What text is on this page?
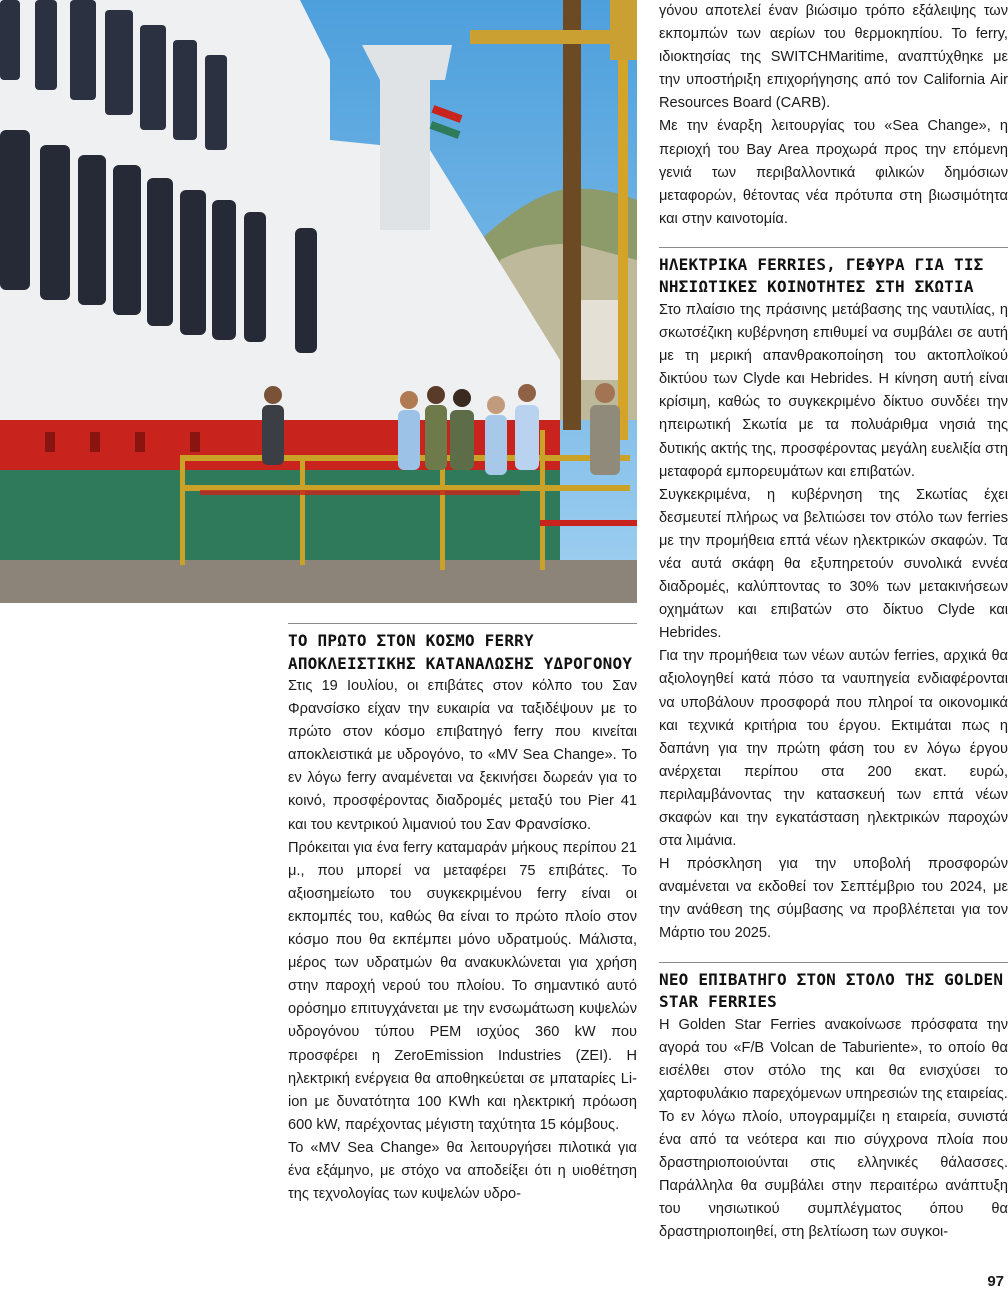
ΤΟ ΠΡΩΤΟ ΣΤΟΝ ΚΟΣΜΟ FERRY ΑΠΟΚΛΕΙΣΤΙΚΗΣ ΚΑΤΑΝΑΛΩΣΗΣ ΥΔΡΟΓΟΝΟΥ

Στις 19 Ιουλίου, οι επιβάτες στον κόλπο του Σαν Φρανσίσκο είχαν την ευκαιρία να ταξιδέψουν με το πρώτο στον κόσμο επιβατηγό ferry που κινείται αποκλειστικά με υδρογόνο, το «MV Sea Change». Το εν λόγω ferry αναμένεται να ξεκινήσει δωρεάν για το κοινό, προσφέροντας διαδρομές μεταξύ του Pier 41 και του κεντρικού λιμανιού του Σαν Φρανσίσκο.

Πρόκειται για ένα ferry καταμαράν μήκους περίπου 21 μ., που μπορεί να μεταφέρει 75 επιβάτες. Το αξιοσημείωτο του συγκεκριμένου ferry είναι οι εκπομπές του, καθώς θα είναι το πρώτο πλοίο στον κόσμο που θα εκπέμπει μόνο υδρατμούς. Μάλιστα, μέρος των υδρατμών θα ανακυκλώνεται για χρήση στην παροχή νερού του πλοίου. Το σημαντικό αυτό ορόσημο επιτυγχάνεται με την ενσωμάτωση κυψελών υδρογόνου τύπου PEM ισχύος 360 kW που προσφέρει η ZeroEmission Industries (ZEI). Η ηλεκτρική ενέργεια θα αποθηκεύεται σε μπαταρίες Li-ion με δυνατότητα 100 KWh και ηλεκτρική πρόωση 600 kW, παρέχοντας μέγιστη ταχύτητα 15 κόμβους.

Το «MV Sea Change» θα λειτουργήσει πιλοτικά για ένα εξάμηνο, με στόχο να αποδείξει ότι η υιοθέτηση της τεχνολογίας των κυψελών υδρο-

γόνου αποτελεί έναν βιώσιμο τρόπο εξάλειψης των εκπομπών των αερίων του θερμοκηπίου. Το ferry, ιδιοκτησίας της SWITCHMaritime, αναπτύχθηκε με την υποστήριξη επιχορήγησης από τον California Air Resources Board (CARB).

Με την έναρξη λειτουργίας του «Sea Change», η περιοχή του Bay Area προχωρά προς την επόμενη γενιά των περιβαλλοντικά φιλικών δημόσιων μεταφορών, θέτοντας νέα πρότυπα στη βιωσιμότητα και στην καινοτομία.

ΗΛΕΚΤΡΙΚΑ FERRIES, ΓΕΦΥΡΑ ΓΙΑ ΤΙΣ ΝΗΣΙΩΤΙΚΕΣ ΚΟΙΝΟΤΗΤΕΣ ΣΤΗ ΣΚΩΤΙΑ

Στο πλαίσιο της πράσινης μετάβασης της ναυτιλίας, η σκωτσέζικη κυβέρνηση επιθυμεί να συμβάλει σε αυτή με τη μερική απανθρακοποίηση του ακτοπλοϊκού δικτύου των Clyde και Hebrides. Η κίνηση αυτή είναι κρίσιμη, καθώς το συγκεκριμένο δίκτυο συνδέει την ηπειρωτική Σκωτία με τα πολυάριθμα νησιά της δυτικής ακτής της, προσφέροντας μεγάλη ευελιξία στη μεταφορά εμπορευμάτων και επιβατών.

Συγκεκριμένα, η κυβέρνηση της Σκωτίας έχει δεσμευτεί πλήρως να βελτιώσει τον στόλο των ferries με την προμήθεια επτά νέων ηλεκτρικών σκαφών. Τα νέα αυτά σκάφη θα εξυπηρετούν συνολικά εννέα διαδρομές, καλύπτοντας το 30% των μετακινήσεων οχημάτων και επιβατών στο δίκτυο Clyde και Hebrides.

Για την προμήθεια των νέων αυτών ferries, αρχικά θα αξιολογηθεί κατά πόσο τα ναυπηγεία ενδιαφέρονται να υποβάλουν προσφορά που πληροί τα οικονομικά και τεχνικά κριτήρια του έργου. Εκτιμάται πως η δαπάνη για την πρώτη φάση του εν λόγω έργου ανέρχεται περίπου στα 200 εκατ. ευρώ, περιλαμβάνοντας την κατασκευή των επτά νέων σκαφών και την εγκατάσταση ηλεκτρικών παροχών στα λιμάνια.

Η πρόσκληση για την υποβολή προσφορών αναμένεται να εκδοθεί τον Σεπτέμβριο του 2024, με την ανάθεση της σύμβασης να προβλέπεται για τον Μάρτιο του 2025.

ΝΕΟ ΕΠΙΒΑΤΗΓΟ ΣΤΟΝ ΣΤΟΛΟ ΤΗΣ GOLDEN STAR FERRIES

Η Golden Star Ferries ανακοίνωσε πρόσφατα την αγορά του «F/B Volcan de Taburiente», το οποίο θα εισέλθει στον στόλο της και θα ενισχύσει το χαρτοφυλάκιο παρεχόμενων υπηρεσιών της εταιρείας.

Το εν λόγω πλοίο, υπογραμμίζει η εταιρεία, συνιστά ένα από τα νεότερα και πιο σύγχρονα πλοία που δραστηριοποιούνται στις ελληνικές θάλασσες. Παράλληλα θα συμβάλει στην περαιτέρω ανάπτυξη του νησιωτικού συμπλέγματος όπου θα δραστηριοποιηθεί, στη βελτίωση των συγκοι-

97
